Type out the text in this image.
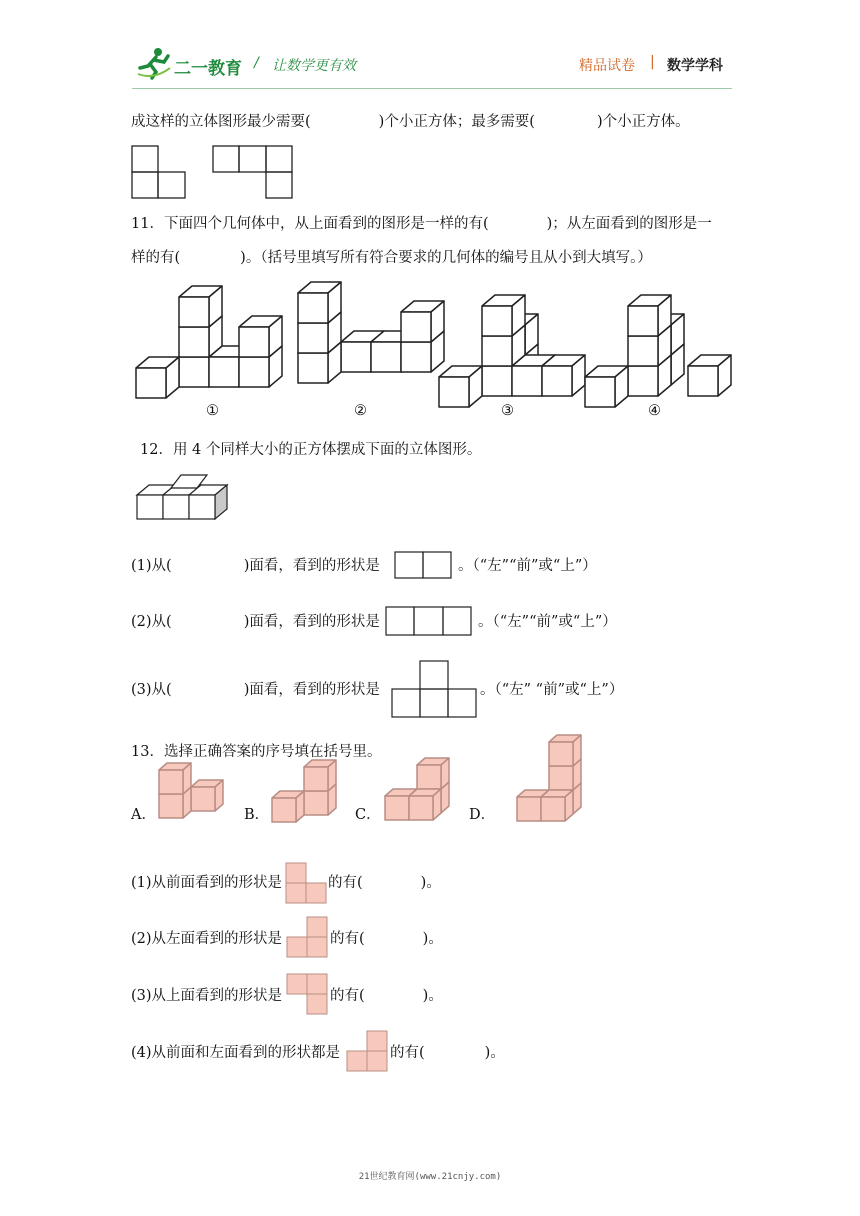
二一教育 / 让数学更有效	精品试卷 | 数学学科
成这样的立体图形最少需要(	)个小正方体；最多需要(	)个小正方体。
11．下面四个几何体中，从上面看到的图形是一样的有(	)；从左面看到的图形是一
样的有(	)。（括号里填写所有符合要求的几何体的编号且从小到大填写。）
①	②	③	④
12．用 4 个同样大小的正方体摆成下面的立体图形。
(1)从(	)面看，看到的形状是	。（“左”“前”或“上”）
(2)从(	)面看，看到的形状是	。（“左”“前”或“上”）
(3)从(	)面看，看到的形状是	。（“左” “前”或“上”）
13．选择正确答案的序号填在括号里。
A．	B．	C．	D．
(1)从前面看到的形状是	的有(	)。
(2)从左面看到的形状是	的有(	)。
(3)从上面看到的形状是	的有(	)。
(4)从前面和左面看到的形状都是	的有(	)。
21世纪教育网(www.21cnjy.com)
